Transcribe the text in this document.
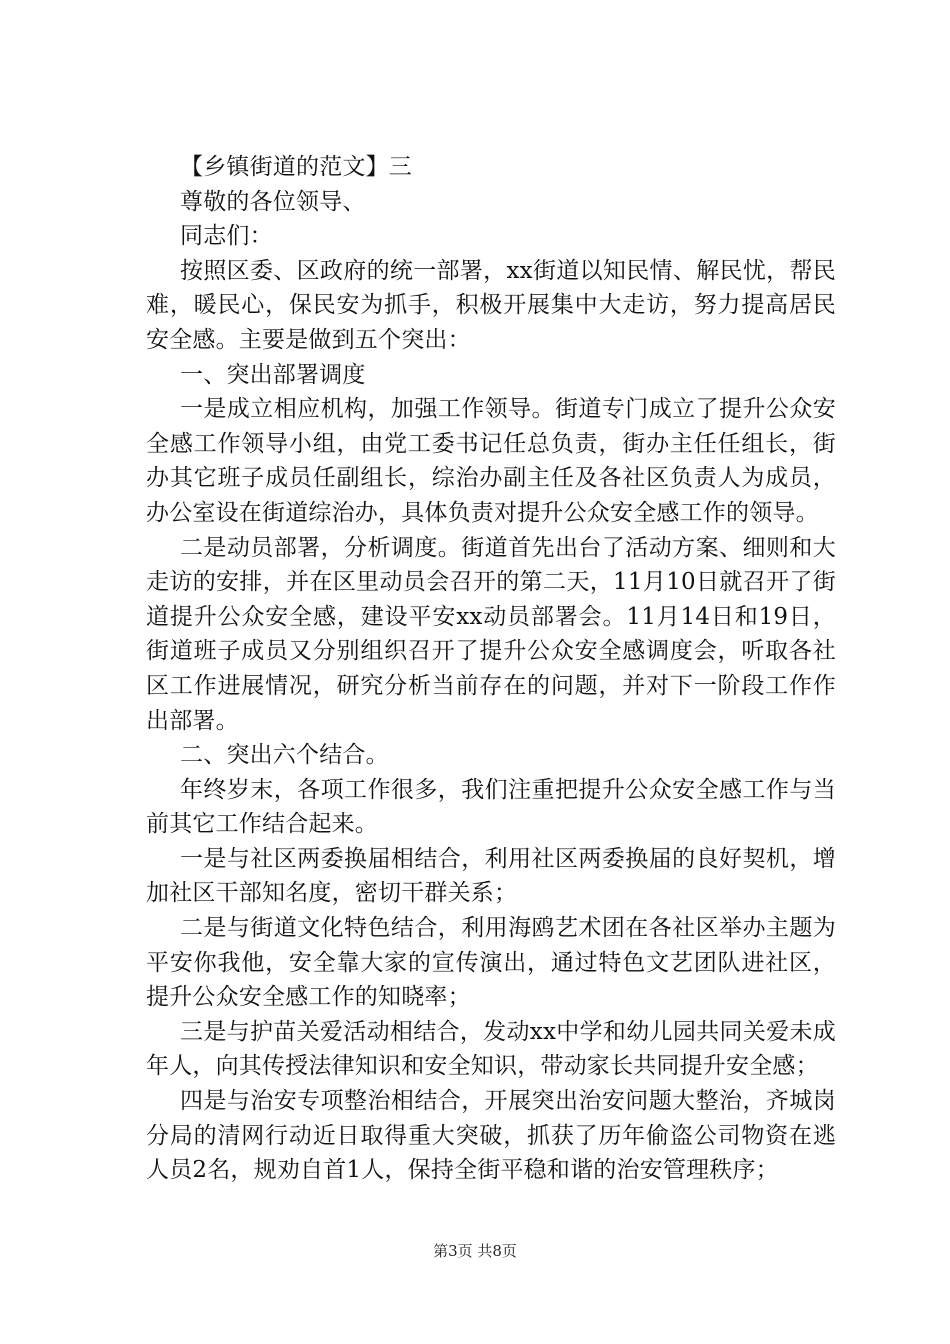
【乡镇街道的范文】三

尊敬的各位领导、

同志们：

按照区委、区政府的统一部署，xx街道以知民情、解民忧，帮民难，暖民心，保民安为抓手，积极开展集中大走访，努力提高居民安全感。主要是做到五个突出：

一、突出部署调度

一是成立相应机构，加强工作领导。街道专门成立了提升公众安全感工作领导小组，由党工委书记任总负责，街办主任任组长，街办其它班子成员任副组长，综治办副主任及各社区负责人为成员，办公室设在街道综治办，具体负责对提升公众安全感工作的领导。

二是动员部署，分析调度。街道首先出台了活动方案、细则和大走访的安排，并在区里动员会召开的第二天，11月10日就召开了街道提升公众安全感，建设平安xx动员部署会。11月14日和19日，街道班子成员又分别组织召开了提升公众安全感调度会，听取各社区工作进展情况，研究分析当前存在的问题，并对下一阶段工作作出部署。

二、突出六个结合。

年终岁末，各项工作很多，我们注重把提升公众安全感工作与当前其它工作结合起来。

一是与社区两委换届相结合，利用社区两委换届的良好契机，增加社区干部知名度，密切干群关系；

二是与街道文化特色结合，利用海鸥艺术团在各社区举办主题为平安你我他，安全靠大家的宣传演出，通过特色文艺团队进社区，提升公众安全感工作的知晓率；

三是与护苗关爱活动相结合，发动xx中学和幼儿园共同关爱未成年人，向其传授法律知识和安全知识，带动家长共同提升安全感；

四是与治安专项整治相结合，开展突出治安问题大整治，齐城岗分局的清网行动近日取得重大突破，抓获了历年偷盗公司物资在逃人员2名，规劝自首1人，保持全街平稳和谐的治安管理秩序；

第3页 共8页
